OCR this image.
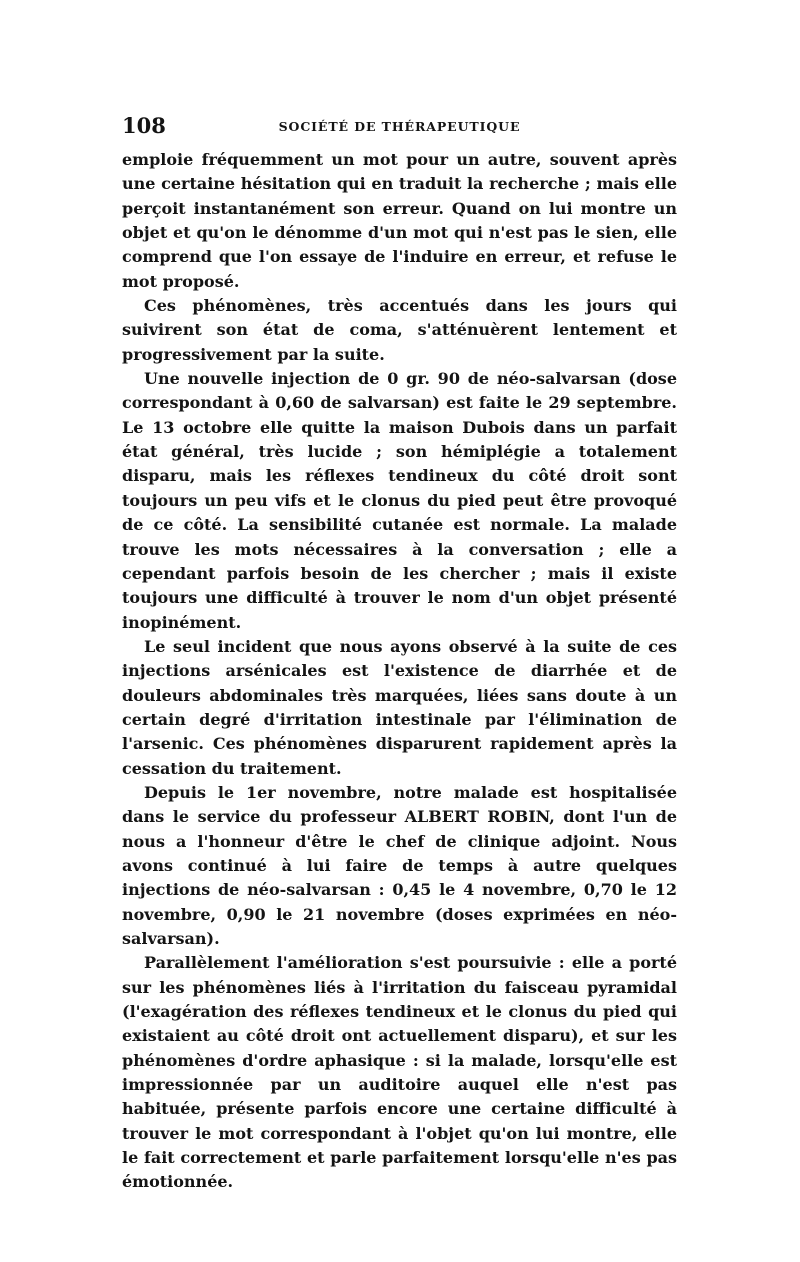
108	SOCIÉTÉ DE THÉRAPEUTIQUE

emploie fréquemment un mot pour un autre, souvent après une certaine hésitation qui en traduit la recherche ; mais elle perçoit instantanément son erreur. Quand on lui montre un objet et qu'on le dénomme d'un mot qui n'est pas le sien, elle comprend que l'on essaye de l'induire en erreur, et refuse le mot proposé.

Ces phénomènes, très accentués dans les jours qui suivirent son état de coma, s'atténuèrent lentement et progressivement par la suite.

Une nouvelle injection de 0 gr. 90 de néo-salvarsan (dose correspondant à 0,60 de salvarsan) est faite le 29 septembre. Le 13 octobre elle quitte la maison Dubois dans un parfait état général, très lucide ; son hémiplégie a totalement disparu, mais les réflexes tendineux du côté droit sont toujours un peu vifs et le clonus du pied peut être provoqué de ce côté. La sensibilité cutanée est normale. La malade trouve les mots nécessaires à la conversation ; elle a cependant parfois besoin de les chercher ; mais il existe toujours une difficulté à trouver le nom d'un objet présenté inopinément.

Le seul incident que nous ayons observé à la suite de ces injections arsénicales est l'existence de diarrhée et de douleurs abdominales très marquées, liées sans doute à un certain degré d'irritation intestinale par l'élimination de l'arsenic. Ces phénomènes disparurent rapidement après la cessation du traitement.

Depuis le 1er novembre, notre malade est hospitalisée dans le service du professeur ALBERT ROBIN, dont l'un de nous a l'honneur d'être le chef de clinique adjoint. Nous avons continué à lui faire de temps à autre quelques injections de néo-salvarsan : 0,45 le 4 novembre, 0,70 le 12 novembre, 0,90 le 21 novembre (doses exprimées en néo-salvarsan).

Parallèlement l'amélioration s'est poursuivie : elle a porté sur les phénomènes liés à l'irritation du faisceau pyramidal (l'exagération des réflexes tendineux et le clonus du pied qui existaient au côté droit ont actuellement disparu), et sur les phénomènes d'ordre aphasique : si la malade, lorsqu'elle est impressionnée par un auditoire auquel elle n'est pas habituée, présente parfois encore une certaine difficulté à trouver le mot correspondant à l'objet qu'on lui montre, elle le fait correctement et parle parfaitement lorsqu'elle n'es pas émotionnée.
